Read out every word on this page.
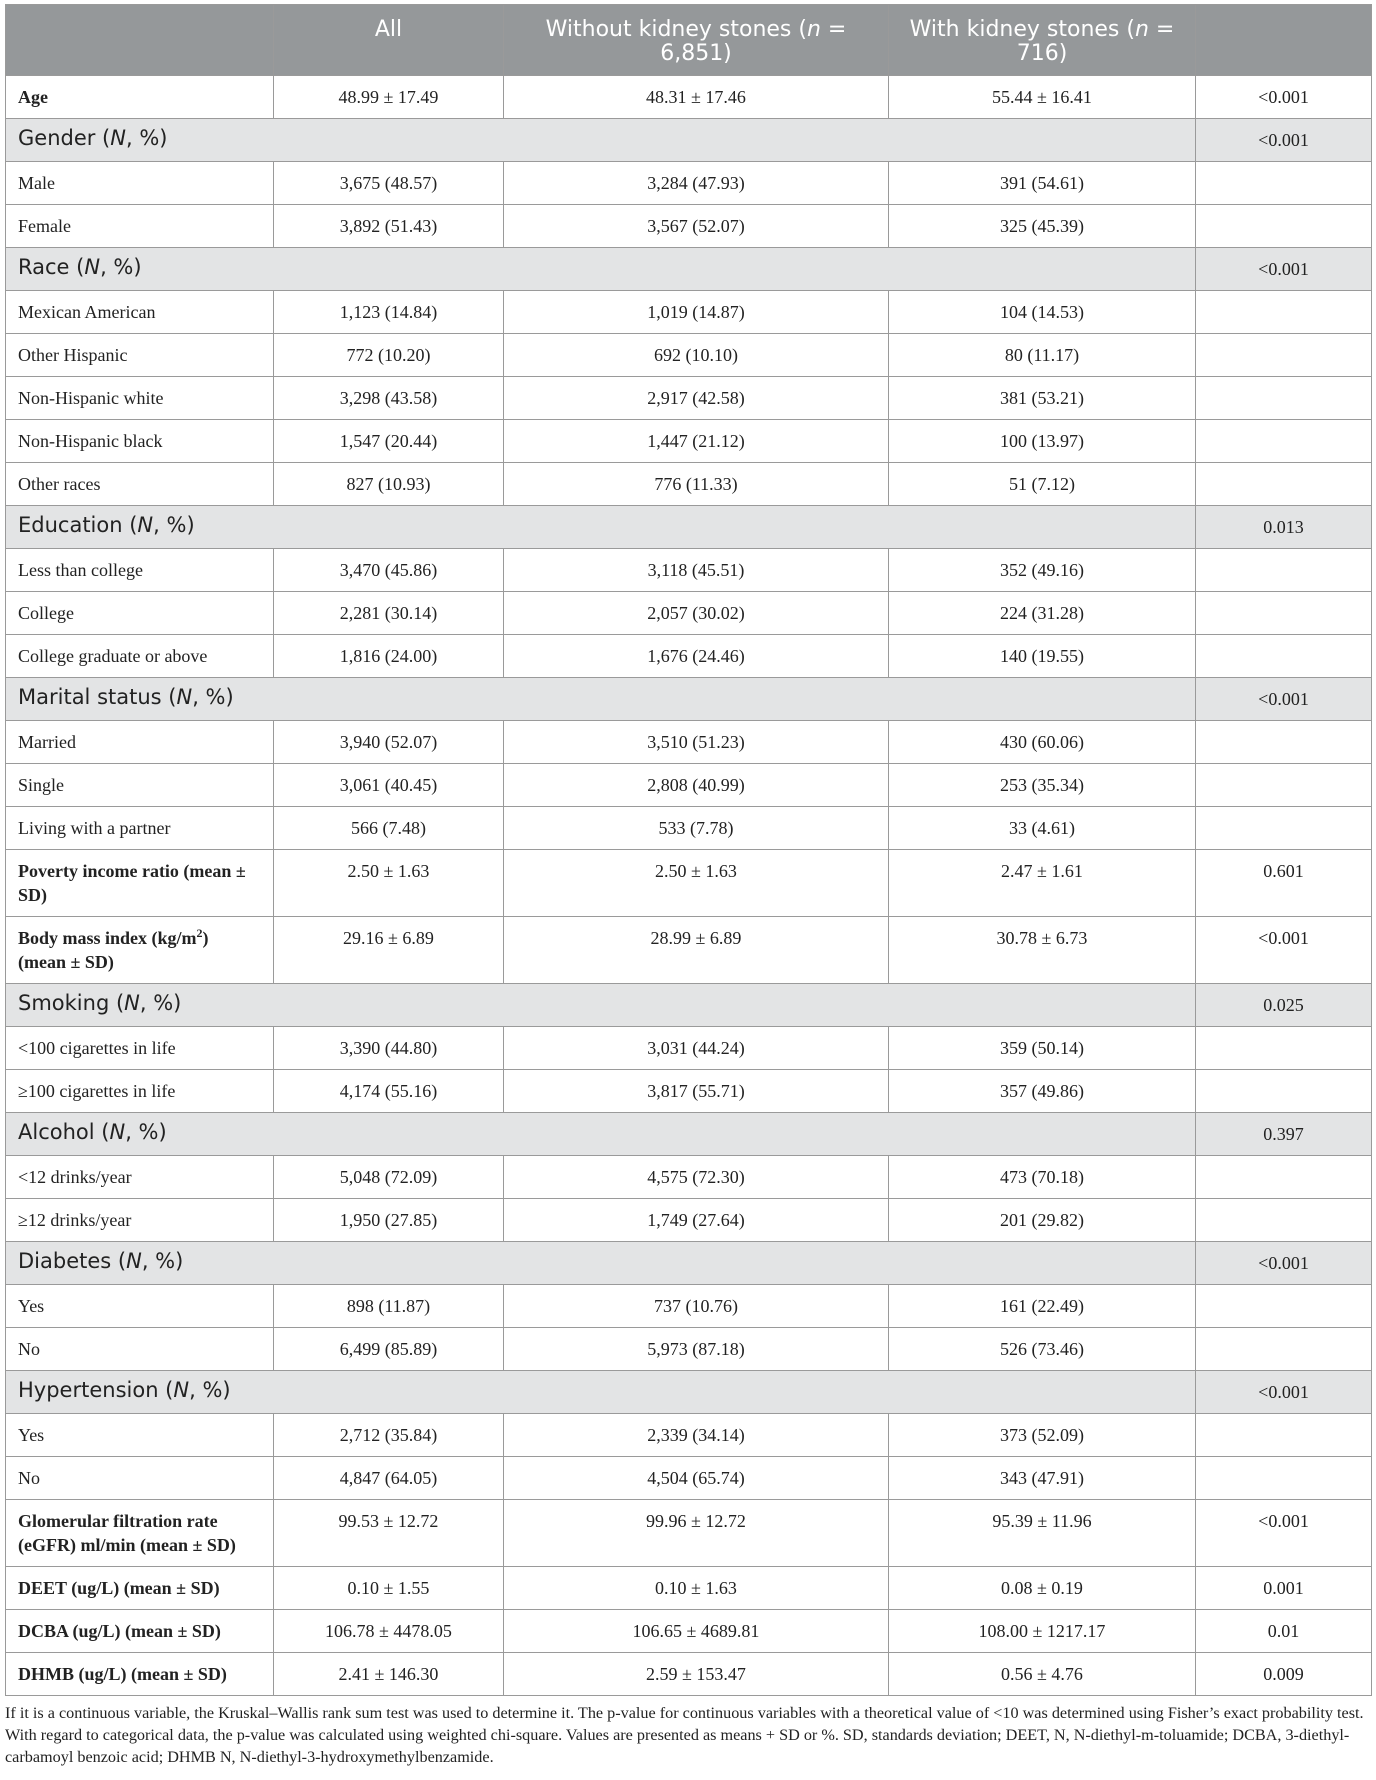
	All	Without kidney stones (n = 6,851)	With kidney stones (n = 716)	
Age	48.99 ± 17.49	48.31 ± 17.46	55.44 ± 16.41	<0.001
Gender (N, %)				<0.001
Male	3,675 (48.57)	3,284 (47.93)	391 (54.61)	
Female	3,892 (51.43)	3,567 (52.07)	325 (45.39)	
Race (N, %)				<0.001
Mexican American	1,123 (14.84)	1,019 (14.87)	104 (14.53)	
Other Hispanic	772 (10.20)	692 (10.10)	80 (11.17)	
Non-Hispanic white	3,298 (43.58)	2,917 (42.58)	381 (53.21)	
Non-Hispanic black	1,547 (20.44)	1,447 (21.12)	100 (13.97)	
Other races	827 (10.93)	776 (11.33)	51 (7.12)	
Education (N, %)				0.013
Less than college	3,470 (45.86)	3,118 (45.51)	352 (49.16)	
College	2,281 (30.14)	2,057 (30.02)	224 (31.28)	
College graduate or above	1,816 (24.00)	1,676 (24.46)	140 (19.55)	
Marital status (N, %)				<0.001
Married	3,940 (52.07)	3,510 (51.23)	430 (60.06)	
Single	3,061 (40.45)	2,808 (40.99)	253 (35.34)	
Living with a partner	566 (7.48)	533 (7.78)	33 (4.61)	
Poverty income ratio (mean ± SD)	2.50 ± 1.63	2.50 ± 1.63	2.47 ± 1.61	0.601
Body mass index $(kg/m^2)$ (mean ± SD)	29.16 ± 6.89	28.99 ± 6.89	30.78 ± 6.73	<0.001
Smoking (N, %)				0.025
<100 cigarettes in life	3,390 (44.80)	3,031 (44.24)	359 (50.14)	
≥100 cigarettes in life	4,174 (55.16)	3,817 (55.71)	357 (49.86)	
Alcohol (N, %)				0.397
<12 drinks/year	5,048 (72.09)	4,575 (72.30)	473 (70.18)	
≥12 drinks/year	1,950 (27.85)	1,749 (27.64)	201 (29.82)	
Diabetes (N, %)				<0.001
Yes	898 (11.87)	737 (10.76)	161 (22.49)	
No	6,499 (85.89)	5,973 (87.18)	526 (73.46)	
Hypertension (N, %)				<0.001
Yes	2,712 (35.84)	2,339 (34.14)	373 (52.09)	
No	4,847 (64.05)	4,504 (65.74)	343 (47.91)	
Glomerular filtration rate (eGFR) ml/min (mean ± SD)	99.53 ± 12.72	99.96 ± 12.72	95.39 ± 11.96	<0.001
DEET (ug/L) (mean ± SD)	0.10 ± 1.55	0.10 ± 1.63	0.08 ± 0.19	0.001
DCBA (ug/L) (mean ± SD)	106.78 ± 4478.05	106.65 ± 4689.81	108.00 ± 1217.17	0.01
DHMB (ug/L) (mean ± SD)	2.41 ± 146.30	2.59 ± 153.47	0.56 ± 4.76	0.009
If it is a continuous variable, the Kruskal–Wallis rank sum test was used to determine it. The p-value for continuous variables with a theoretical value of <10 was determined using Fisher’s exact probability test. With regard to categorical data, the p-value was calculated using weighted chi-square. Values are presented as means + SD or %. SD, standards deviation; DEET, N, N-diethyl-m-toluamide; DCBA, 3-diethyl-carbamoyl benzoic acid; DHMB N, N-diethyl-3-hydroxymethylbenzamide.
